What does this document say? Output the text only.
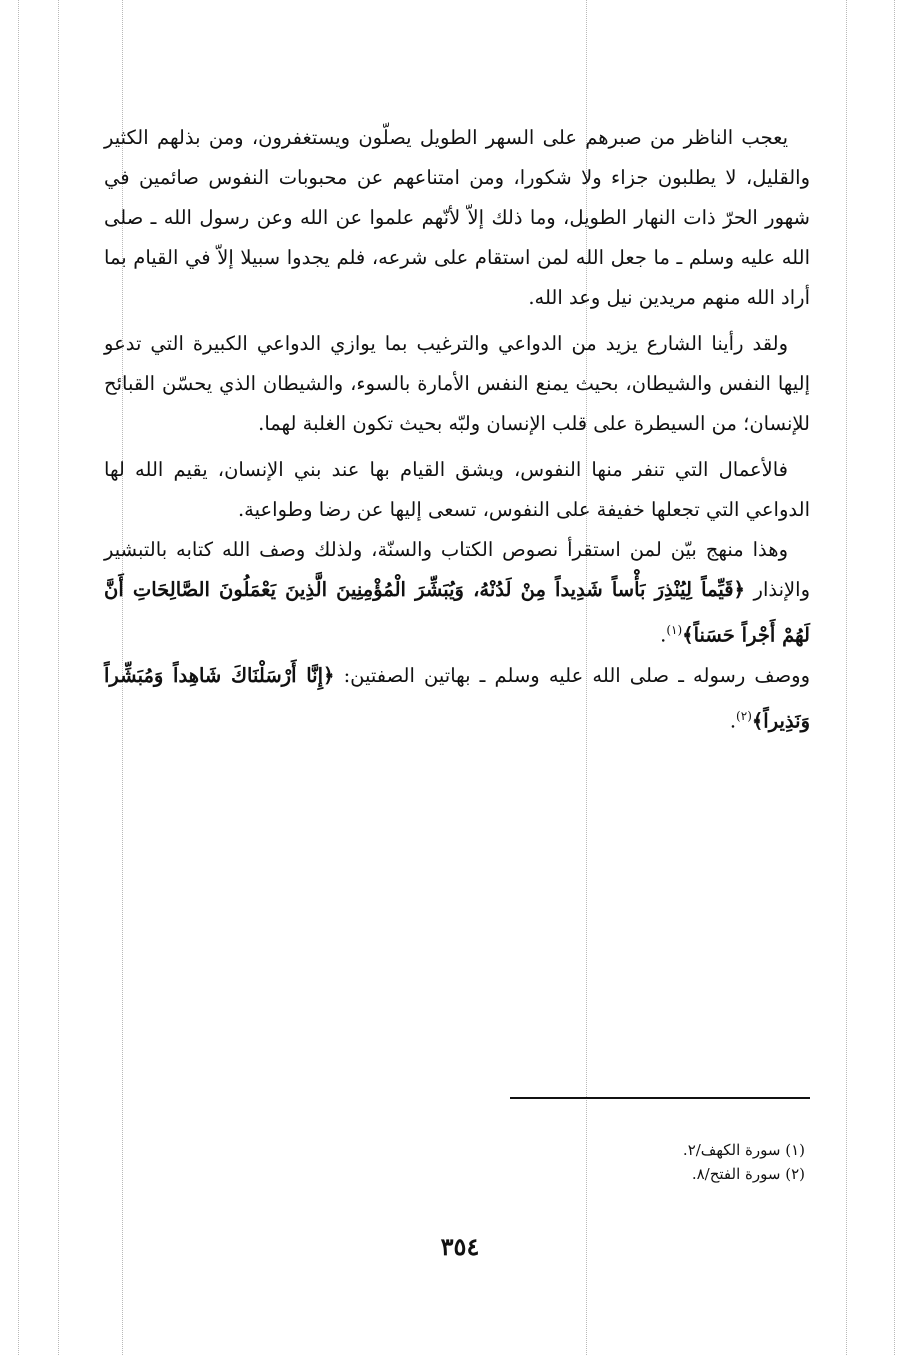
يعجب الناظر من صبرهم على السهر الطويل يصلّون ويستغفرون، ومن بذلهم الكثير والقليل، لا يطلبون جزاء ولا شكورا، ومن امتناعهم عن محبوبات النفوس صائمين في شهور الحرّ ذات النهار الطويل، وما ذلك إلاّ لأنّهم علموا عن الله وعن رسول الله ـ صلى الله عليه وسلم ـ ما جعل الله لمن استقام على شرعه، فلم يجدوا سبيلا إلاّ في القيام بما أراد الله منهم مريدين نيل وعد الله.

ولقد رأينا الشارع يزيد من الدواعي والترغيب بما يوازي الدواعي الكبيرة التي تدعو إليها النفس والشيطان، بحيث يمنع النفس الأمارة بالسوء، والشيطان الذي يحسّن القبائح للإنسان؛ من السيطرة على قلب الإنسان ولبّه بحيث تكون الغلبة لهما.

فالأعمال التي تنفر منها النفوس، ويشق القيام بها عند بني الإنسان، يقيم الله لها الدواعي التي تجعلها خفيفة على النفوس، تسعى إليها عن رضا وطواعية.

وهذا منهج بيّن لمن استقرأ نصوص الكتاب والسنّة، ولذلك وصف الله كتابه بالتبشير والإنذار ﴿قَيِّماً لِيُنْذِرَ بَأْساً شَدِيداً مِنْ لَدُنْهُ، وَيُبَشِّرَ الْمُؤْمِنِينَ الَّذِينَ يَعْمَلُونَ الصَّالِحَاتِ أَنَّ لَهُمْ أَجْراً حَسَناً﴾$^{(١)}$.

ووصف رسوله ـ صلى الله عليه وسلم ـ بهاتين الصفتين: ﴿إِنَّا أَرْسَلْنَاكَ شَاهِداً وَمُبَشِّراً وَنَذِيراً﴾$^{(٢)}$.

(١) سورة الكهف/٢.

(٢) سورة الفتح/٨.

٣٥٤
